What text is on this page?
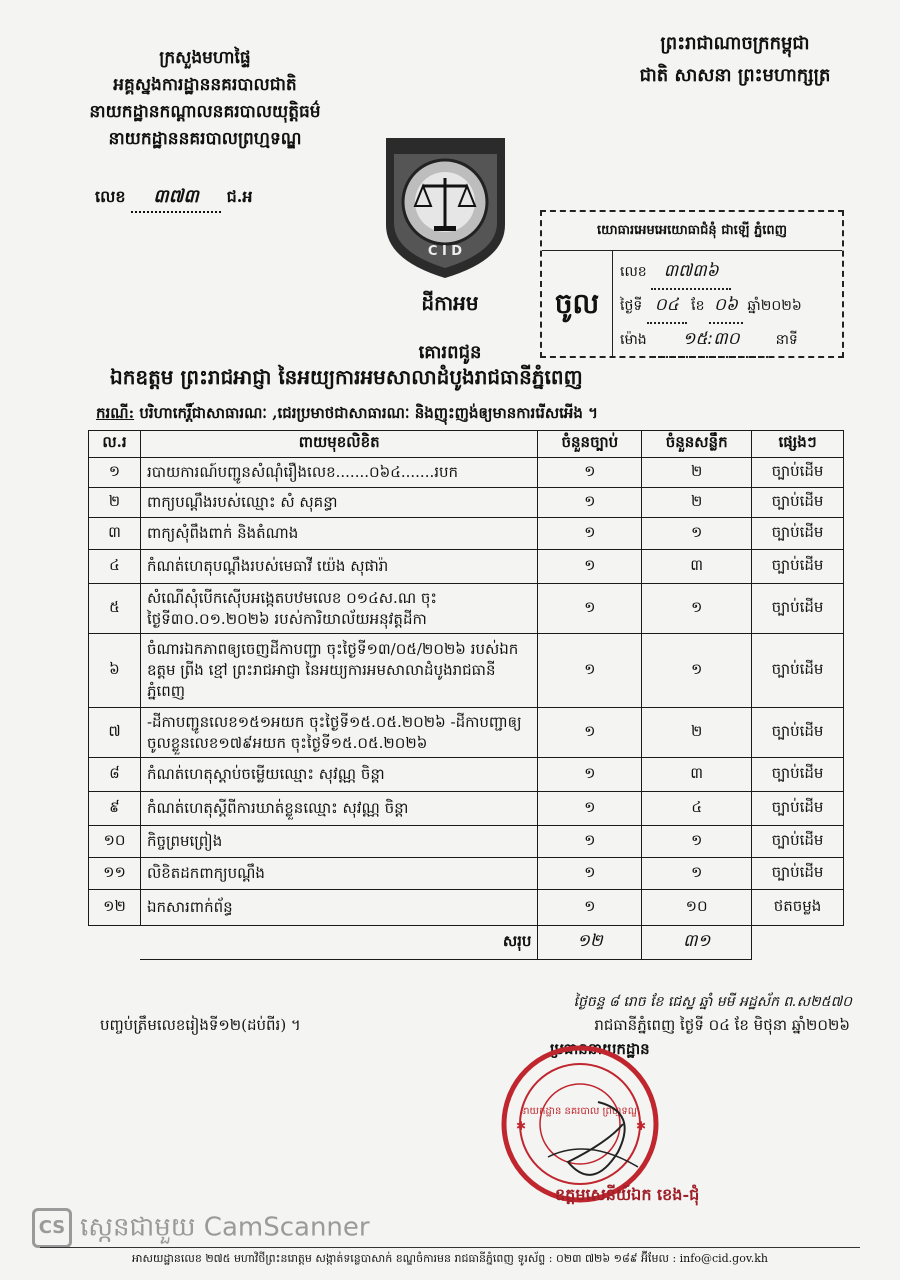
ក្រសួងមហាផ្ទៃ
អគ្គស្នងការដ្ឋាននគរបាលជាតិ
នាយកដ្ឋានកណ្តាលនគរបាលយុត្តិធម៌
នាយកដ្ឋាននគរបាលព្រហ្មទណ្ឌ
លេខ ៣៧៣ ជ.អ
ព្រះរាជាណាចក្រកម្ពុជា
ជាតិ សាសនា ព្រះមហាក្សត្រ
C I D
ដីកាអម
យោធារអេមអេយោធាជំនុំ ជាឡើ ភ្នំពេញ
ចូល
លេខ ៣៧៣៦
ថ្ងៃទី ០៤ ខែ ០៦ ឆ្នាំ២០២៦
ម៉ោង ១៥:៣០	នាទី
គោរពជូន
ឯកឧត្តម ព្រះរាជអាជ្ញា នៃអយ្យការអមសាលាដំបូងរាជធានីភ្នំពេញ
ករណី: បរិហាកេរ្តិ៍ជាសាធារណៈ ,ជេរប្រមាថជាសាធារណៈ និងញុះញង់ឲ្យមានការរើសអើង ។
ល.រ	ពាយមុខលិខិត	ចំនួនច្បាប់	ចំនួនសន្លឹក	ផ្សេងៗ
១	របាយការណ៍បញ្ជូនសំណុំរឿងលេខ.......០៦៤.......របក	១	២	ច្បាប់ដើម
២	ពាក្យបណ្តឹងរបស់ឈ្មោះ សំ សុគន្ធា	១	២	ច្បាប់ដើម
៣	ពាក្យសុំពឹងពាក់ និងតំណាង	១	១	ច្បាប់ដើម
៤	កំណត់ហេតុបណ្តឹងរបស់មេធាវី យ៉េង សុផារ៉ា	១	៣	ច្បាប់ដើម
៥	សំណើសុំបើកស៊ើបអង្កេតបឋមលេខ ០១៤ស.ណ ចុះថ្ងៃទី៣០.០១.២០២៦ របស់ការិយាល័យអនុវត្តដីកា	១	១	ច្បាប់ដើម
៦	ចំណារឯកភាពឲ្យចេញដីកាបញ្ជា ចុះថ្ងៃទី១៣/០៥/២០២៦ របស់ឯកឧត្តម ព្រីង ខ្មៅ ព្រះរាជអាជ្ញា នៃអយ្យការអមសាលាដំបូងរាជធានីភ្នំពេញ	១	១	ច្បាប់ដើម
៧	-ដីកាបញ្ជូនលេខ១៥១អយក ចុះថ្ងៃទី១៥.០៥.២០២៦ -ដីកាបញ្ជាឲ្យចូលខ្លួនលេខ១៧៩អយក ចុះថ្ងៃទី១៥.០៥.២០២៦	១	២	ច្បាប់ដើម
៨	កំណត់ហេតុស្តាប់ចម្លើយឈ្មោះ សុវណ្ណ ចិន្តា	១	៣	ច្បាប់ដើម
៩	កំណត់ហេតុស្តីពីការឃាត់ខ្លួនឈ្មោះ សុវណ្ណ ចិន្តា	១	៤	ច្បាប់ដើម
១០	កិច្ចព្រមព្រៀង	១	១	ច្បាប់ដើម
១១	លិខិតដកពាក្យបណ្តឹង	១	១	ច្បាប់ដើម
១២	ឯកសារពាក់ព័ន្ធ	១	១០	ថតចម្លង
	សរុប	១២	៣១	
ថ្ងៃចន្ទ ៨ រោច ខែ ជេស្ឋ ឆ្នាំ មមី អដ្ឋស័ក ព.ស២៥៧០
បញ្ចប់ត្រឹមលេខរៀងទី១២(ដប់ពីរ) ។	រាជធានីភ្នំពេញ ថ្ងៃទី ០៤ ខែ មិថុនា ឆ្នាំ២០២៦
ប្រធាននាយកដ្ឋាន
នាយកដ្ឋាន នគរបាល ព្រហ្មទណ្ឌ
✱	✱
ឧត្តមសេនីយ៍ឯក ខេង-ជុំ
CS ស្កេនជាមួយ CamScanner
អាសយដ្ឋានលេខ ២៧៥ មហាវិថីព្រះនរោត្តម សង្កាត់ទន្លេបាសាក់ ខណ្ឌចំការមន រាជធានីភ្នំពេញ ទូរស័ព្ទ : ០២៣ ៧២៦ ១៨៩ អ៊ីមែល : info@cid.gov.kh
